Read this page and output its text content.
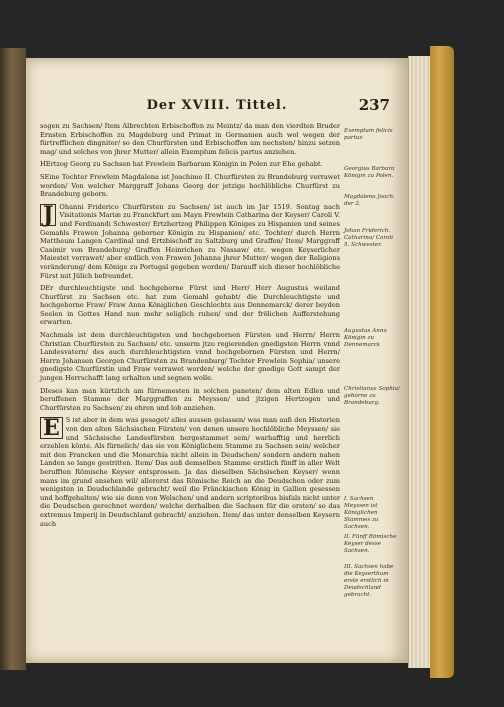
Der XVIII. Tittel.	237

sogen zu Sachsen/ Item Albrechten Erbischoffen zu Meintz/ da man den vierdten Bruder Ernsten Erbischoffen zu Magdeburg und Primat in Germanien auch wol wegen der fürtrefflichen dingniter/ so den Churfürsten und Erbischoffen am nechsten/ hinzu setzen mag/ und solches von jhrer Mutter/ allein Exemplum felicis partus anziehen.

HErtzog Georg zu Sachsen hat Frewlein Barbaram Königin in Polen zur Ehe gehabt.

SEine Tochter Frewlein Magdalena ist Joachimo II. Churfürsten zu Brandeburg verrawet worden/ Von welcher Marggraff Johans Georg der jetzige hochlöbliche Churfürst zu Brandeburg geborn.

J Ohanni Friderico Churfürsten zu Sachsen/ ist auch im Jar 1519. Sontag nach Visitationis Mariæ zu Franckfurt am Mayn Frewlein Catharina der Keyser/ Caroli V. und Ferdinandi Schwester/ Ertzhertzog Philippen Königes zu Hispanien und seines Gemahls Frawen Johanna geborner Königin zu Hispanien/ etc. Tochter/ durch Herrn Mattheum Langen Cardinal und Ertzbischoff zu Saltzburg und Graffen/ Item/ Marggraff Casimir von Brandeburg/ Graffen Heinrichen zu Nassaw/ etc. wegen Keyserlicher Maiestet verrawet/ aber endlich von Frawen Johanna jhrer Mutter/ wegen der Religions veränderung/ dem Könige zu Portugal gegeben worden/ Darauff sich dieser hochlöbliche Fürst mit Jülich befreundet.

DEr durchleuchtigste und hochgeborne Fürst und Herr/ Herr Augustus weiland Churfürst zu Sachsen etc. hat zum Gemahl gehabt/ die Durchleuchtigste und hochgeborne Fraw/ Fraw Anna Königlichen Geschlechts aus Dennemarck/ derer beyden Seelen in Gottes Hand nun mehr seliglich ruhen/ und der frölichen Aufferstehung erwarten.

Nachmals ist dem durchleuchtigsten und hochgebornen Fürsten und Herrn/ Herrn Christian Churfürsten zu Sachsen/ etc. unserm jtzo regierenden gnedigsten Herrn vnnd Landesvatern/ des auch durchleuchtigsten vnnd hochgebornen Fürsten und Herrn/ Herrn Johansen Georgen Churfürsten zu Brandenburg/ Tochter Frewlein Sophia/ unsere gnedigste Churfürstin und Fraw verrawet worden/ welche der gnedige Gott sampt der jungen Herrschafft lang erhalten und segnen wolle.

DIeses kan man kürtzlich am fürnemesten in solchen paneten/ dem alten Edlen und beruffenen Stamme der Marggraffen zu Meyssen/ und jtzigen Hertzogen und Churfürsten zu Sachsen/ zu ehren und lob anziehen.

E S ist aber in dem was gesaget/ alles aussen gelassen/ was man auß den Historien von den alten Sächsischen Fürsten/ von denen unsere hochlöbliche Meyssen/ sie und Sächsische Landesfürsten hergestammet sein/ warhafftig und herrlich erzehlen könte. Als fürnelich/ das sie von Königlichem Stamme zu Sachsen sein/ welcher mit den Francken und die Monarchia nicht allein in Deudschen/ sondern andern nahen Landen so lange gestritten. Item/ Das auß demselben Stamme erstlich fünff in aller Welt berufften Römische Keyser entsprossen. Ja das dieselben Sächsischen Keyser/ wenn mans im grund ansehen wil/ allererst das Römische Reich an die Deudschen oder zum wenigsten in Deudschlande gebracht/ weil die Fränckischen König in Gallien gesessen und hoffgehalten/ wie sie denn von Welschen/ und andern scriptoribus bisfals nicht unter die Deudschen gerechnet werden/ welche derhalben die Sachsen für die ersten/ so das extremus Imperij in Deudschland gebracht/ anziehen. Item/ das unter denselben Keysern auch

Exemplum felicis partus
Georgius Barbara Königin zu Polen.
Magdalena Joach. der 2.
Johan Friderich. Catharina/ Caroli 5. Schwester.
Augustus Anna Königin zu Dennemarck
Christianus Sophia/ geborne zu Brandeburg.
I. Sachsen Meyssen ist Königlichen Stammes zu Sachsen.
II. Fünff Römische Keyser desse Sachsen.
III. Sachsen habe die Keyserthum erste erstlich in Deudschland gebracht.
